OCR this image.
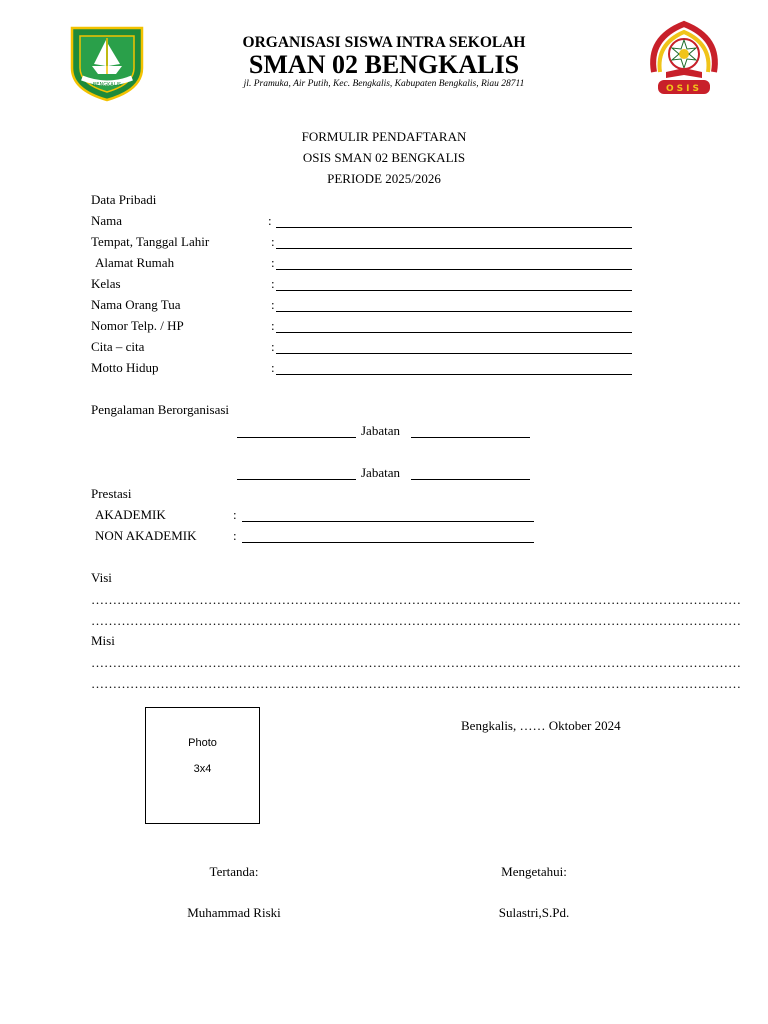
BENGKALIS
ORGANISASI SISWA INTRA SEKOLAH
SMAN 02 BENGKALIS
jl. Pramuka, Air Putih, Kec. Bengkalis, Kabupaten Bengkalis, Riau 28711	OSIS
FORMULIR PENDAFTARAN
OSIS SMAN 02 BENGKALIS
PERIODE 2025/2026
Data Pribadi
Nama	:
Tempat, Tanggal Lahir	:
Alamat Rumah	:
Kelas	:
Nama Orang Tua	:
Nomor Telp. / HP	:
Cita – cita	:
Motto Hidup	:
Pengalaman Berorganisasi
Jabatan
Jabatan
Prestasi
AKADEMIK	:
NON AKADEMIK	:
Visi
……………………………………………………………………………………………………………………………………
……………………………………………………………………………………………………………………………………
Misi
……………………………………………………………………………………………………………………………………
……………………………………………………………………………………………………………………………………
Photo
3x4
Bengkalis, …… Oktober 2024
Tertanda:	Mengetahui:
Muhammad Riski	Sulastri,S.Pd.
